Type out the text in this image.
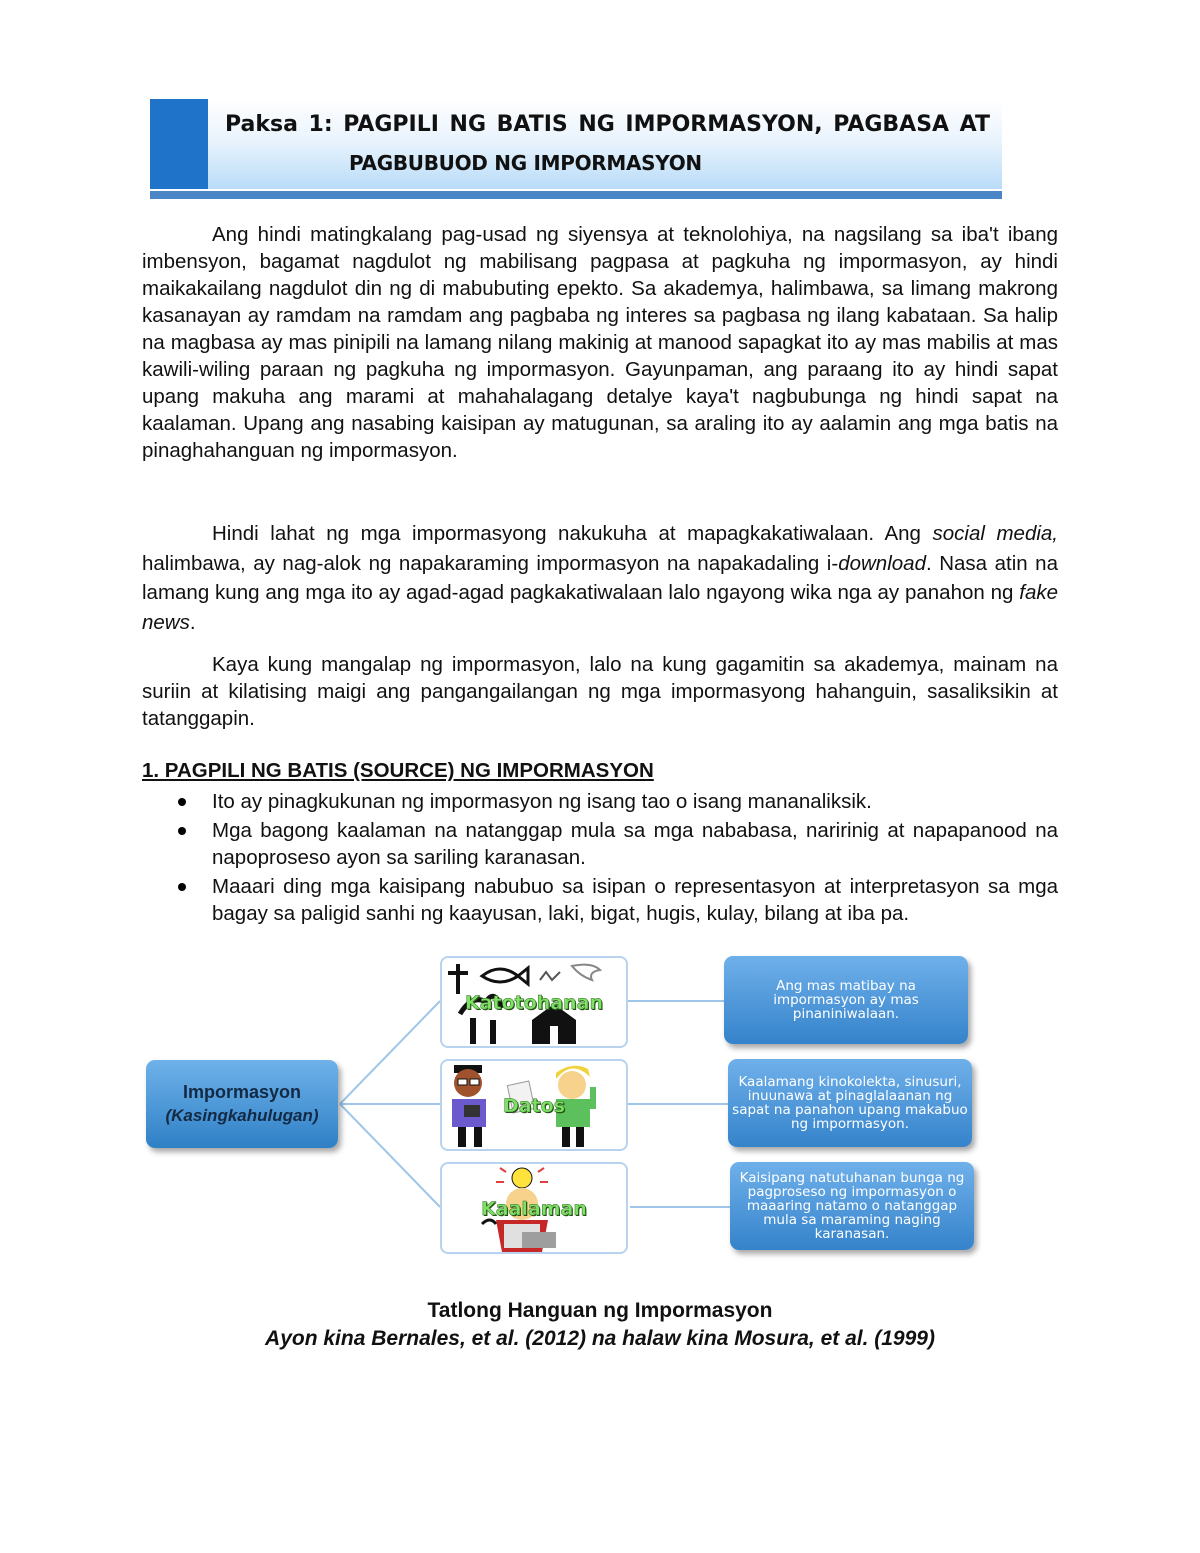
Paksa 1: PAGPILI NG BATIS NG IMPORMASYON, PAGBASA AT
PAGBUBUOD NG IMPORMASYON

Ang hindi matingkalang pag-usad ng siyensya at teknolohiya, na nagsilang sa iba't ibang imbensyon, bagamat nagdulot ng mabilisang pagpasa at pagkuha ng impormasyon, ay hindi maikakailang nagdulot din ng di mabubuting epekto. Sa akademya, halimbawa, sa limang makrong kasanayan ay ramdam na ramdam ang pagbaba ng interes sa pagbasa ng ilang kabataan. Sa halip na magbasa ay mas pinipili na lamang nilang makinig at manood sapagkat ito ay mas mabilis at mas kawili-wiling paraan ng pagkuha ng impormasyon. Gayunpaman, ang paraang ito ay hindi sapat upang makuha ang marami at mahahalagang detalye kaya't nagbubunga ng hindi sapat na kaalaman. Upang ang nasabing kaisipan ay matugunan, sa araling ito ay aalamin ang mga batis na pinaghahanguan ng impormasyon.

Hindi lahat ng mga impormasyong nakukuha at mapagkakatiwalaan. Ang social media, halimbawa, ay nag-alok ng napakaraming impormasyon na napakadaling i-download. Nasa atin na lamang kung ang mga ito ay agad-agad pagkakatiwalaan lalo ngayong wika nga ay panahon ng fake news.

Kaya kung mangalap ng impormasyon, lalo na kung gagamitin sa akademya, mainam na suriin at kilatising maigi ang pangangailangan ng mga impormasyong hahanguin, sasaliksikin at tatanggapin.

1. PAGPILI NG BATIS (SOURCE) NG IMPORMASYON
Ito ay pinagkukunan ng impormasyon ng isang tao o isang mananaliksik.
Mga bagong kaalaman na natanggap mula sa mga nababasa, naririnig at napapanood na napoproseso ayon sa sariling karanasan.
Maaari ding mga kaisipang nabubuo sa isipan o representasyon at interpretasyon sa mga bagay sa paligid sanhi ng kaayusan, laki, bigat, hugis, kulay, bilang at iba pa.
Impormasyon
(Kasingkahulugan)
Katotohanan
Datos
Kaalaman
Ang mas matibay na impormasyon ay mas pinaniniwalaan.
Kaalamang kinokolekta, sinusuri, inuunawa at pinaglalaanan ng sapat na panahon upang makabuo ng impormasyon.
Kaisipang natutuhanan bunga ng pagproseso ng impormasyon o maaaring natamo o natanggap mula sa maraming naging karanasan.
Tatlong Hanguan ng Impormasyon
Ayon kina Bernales, et al. (2012) na halaw kina Mosura, et al. (1999)
